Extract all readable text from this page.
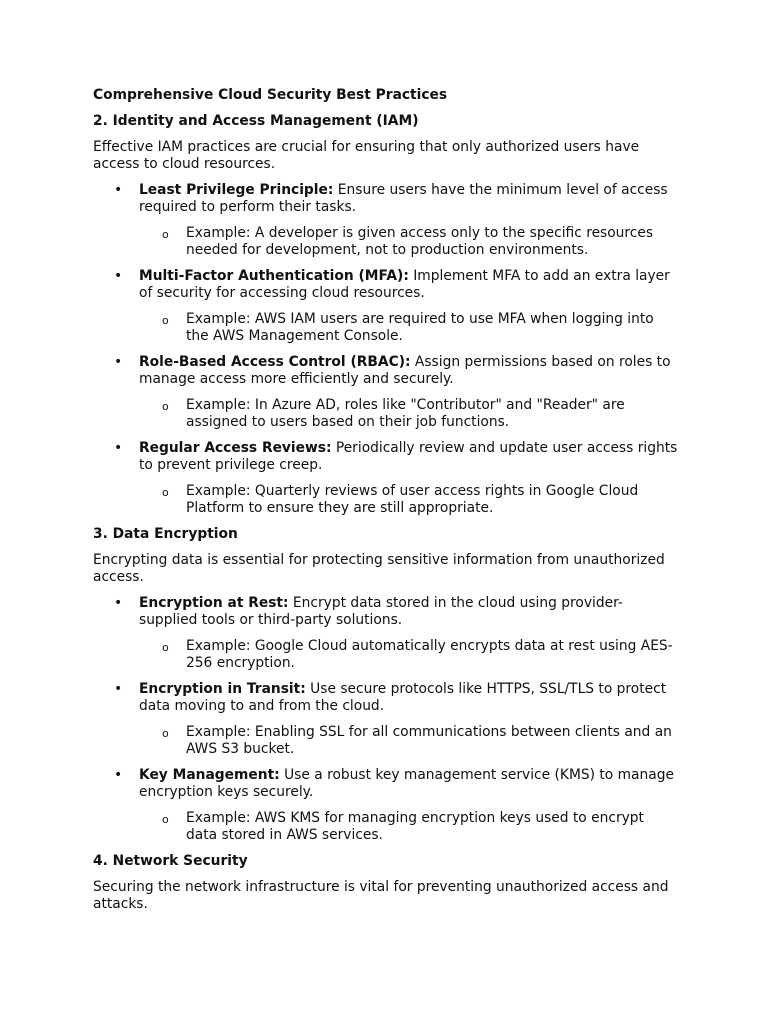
Comprehensive Cloud Security Best Practices
2. Identity and Access Management (IAM)

Effective IAM practices are crucial for ensuring that only authorized users have access to cloud resources.

• Least Privilege Principle: Ensure users have the minimum level of access required to perform their tasks.
o Example: A developer is given access only to the specific resources needed for development, not to production environments.
• Multi-Factor Authentication (MFA): Implement MFA to add an extra layer of security for accessing cloud resources.
o Example: AWS IAM users are required to use MFA when logging into the AWS Management Console.
• Role-Based Access Control (RBAC): Assign permissions based on roles to manage access more efficiently and securely.
o Example: In Azure AD, roles like "Contributor" and "Reader" are assigned to users based on their job functions.
• Regular Access Reviews: Periodically review and update user access rights to prevent privilege creep.
o Example: Quarterly reviews of user access rights in Google Cloud Platform to ensure they are still appropriate.
3. Data Encryption

Encrypting data is essential for protecting sensitive information from unauthorized access.

• Encryption at Rest: Encrypt data stored in the cloud using provider-supplied tools or third-party solutions.
o Example: Google Cloud automatically encrypts data at rest using AES-256 encryption.
• Encryption in Transit: Use secure protocols like HTTPS, SSL/TLS to protect data moving to and from the cloud.
o Example: Enabling SSL for all communications between clients and an AWS S3 bucket.
• Key Management: Use a robust key management service (KMS) to manage encryption keys securely.
o Example: AWS KMS for managing encryption keys used to encrypt data stored in AWS services.
4. Network Security

Securing the network infrastructure is vital for preventing unauthorized access and attacks.
